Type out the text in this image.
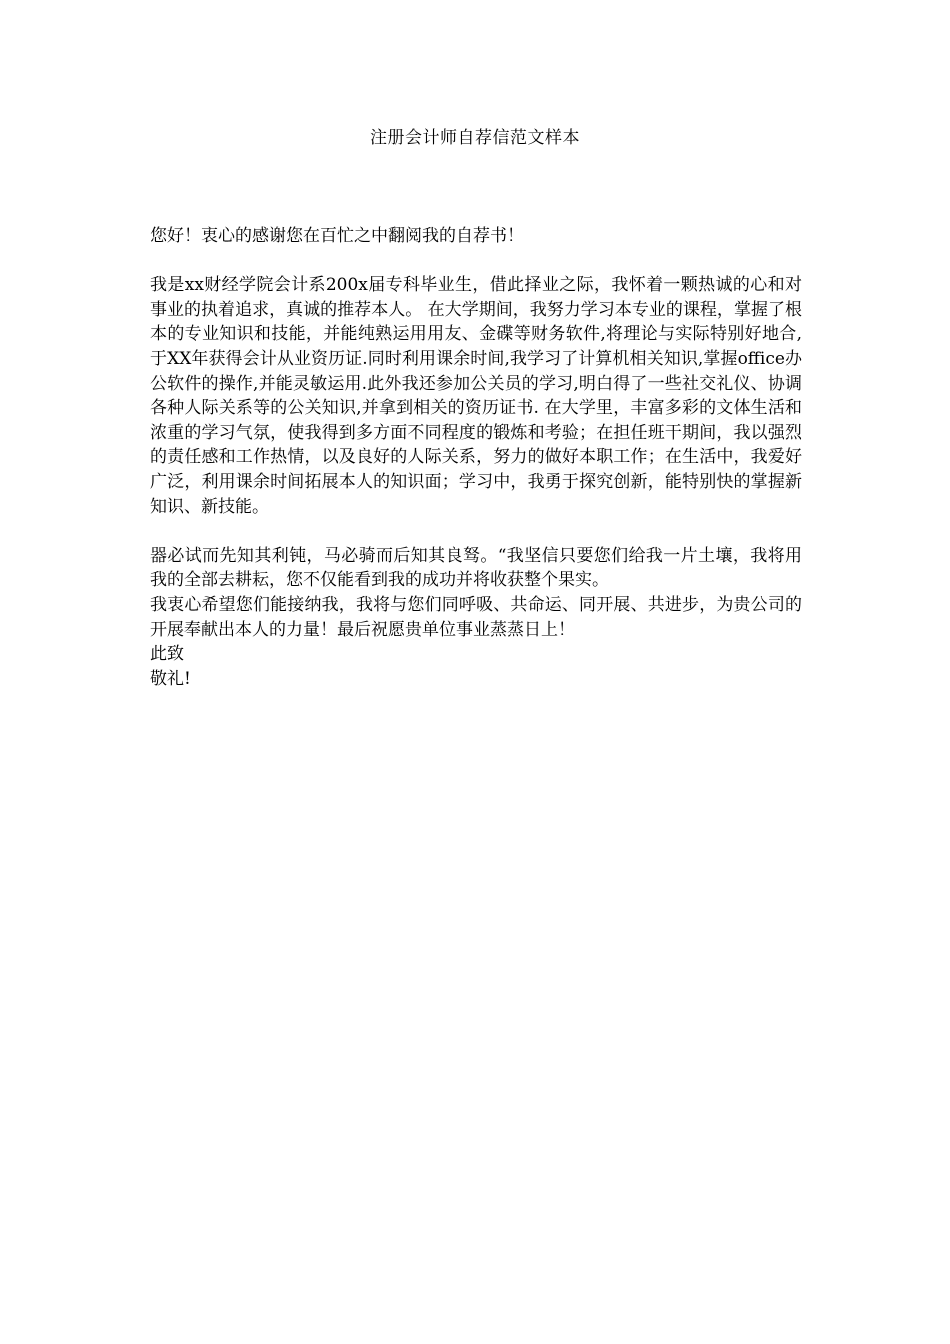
注册会计师自荐信范文样本

您好！衷心的感谢您在百忙之中翻阅我的自荐书！

我是xx财经学院会计系200x届专科毕业生，借此择业之际，我怀着一颗热诚的心和对事业的执着追求，真诚的推荐本人。 在大学期间，我努力学习本专业的课程，掌握了根本的专业知识和技能，并能纯熟运用用友、金碟等财务软件,将理论与实际特别好地合,于XX年获得会计从业资历证.同时利用课余时间,我学习了计算机相关知识,掌握office办公软件的操作,并能灵敏运用.此外我还参加公关员的学习,明白得了一些社交礼仪、协调各种人际关系等的公关知识,并拿到相关的资历证书. 在大学里，丰富多彩的文体生活和浓重的学习气氛，使我得到多方面不同程度的锻炼和考验；在担任班干期间，我以强烈的责任感和工作热情，以及良好的人际关系，努力的做好本职工作；在生活中，我爱好广泛，利用课余时间拓展本人的知识面；学习中，我勇于探究创新，能特别快的掌握新知识、新技能。

器必试而先知其利钝，马必骑而后知其良驽。“我坚信只要您们给我一片土壤，我将用我的全部去耕耘，您不仅能看到我的成功并将收获整个果实。

我衷心希望您们能接纳我，我将与您们同呼吸、共命运、同开展、共进步，为贵公司的开展奉献出本人的力量！最后祝愿贵单位事业蒸蒸日上！

此致

敬礼!
